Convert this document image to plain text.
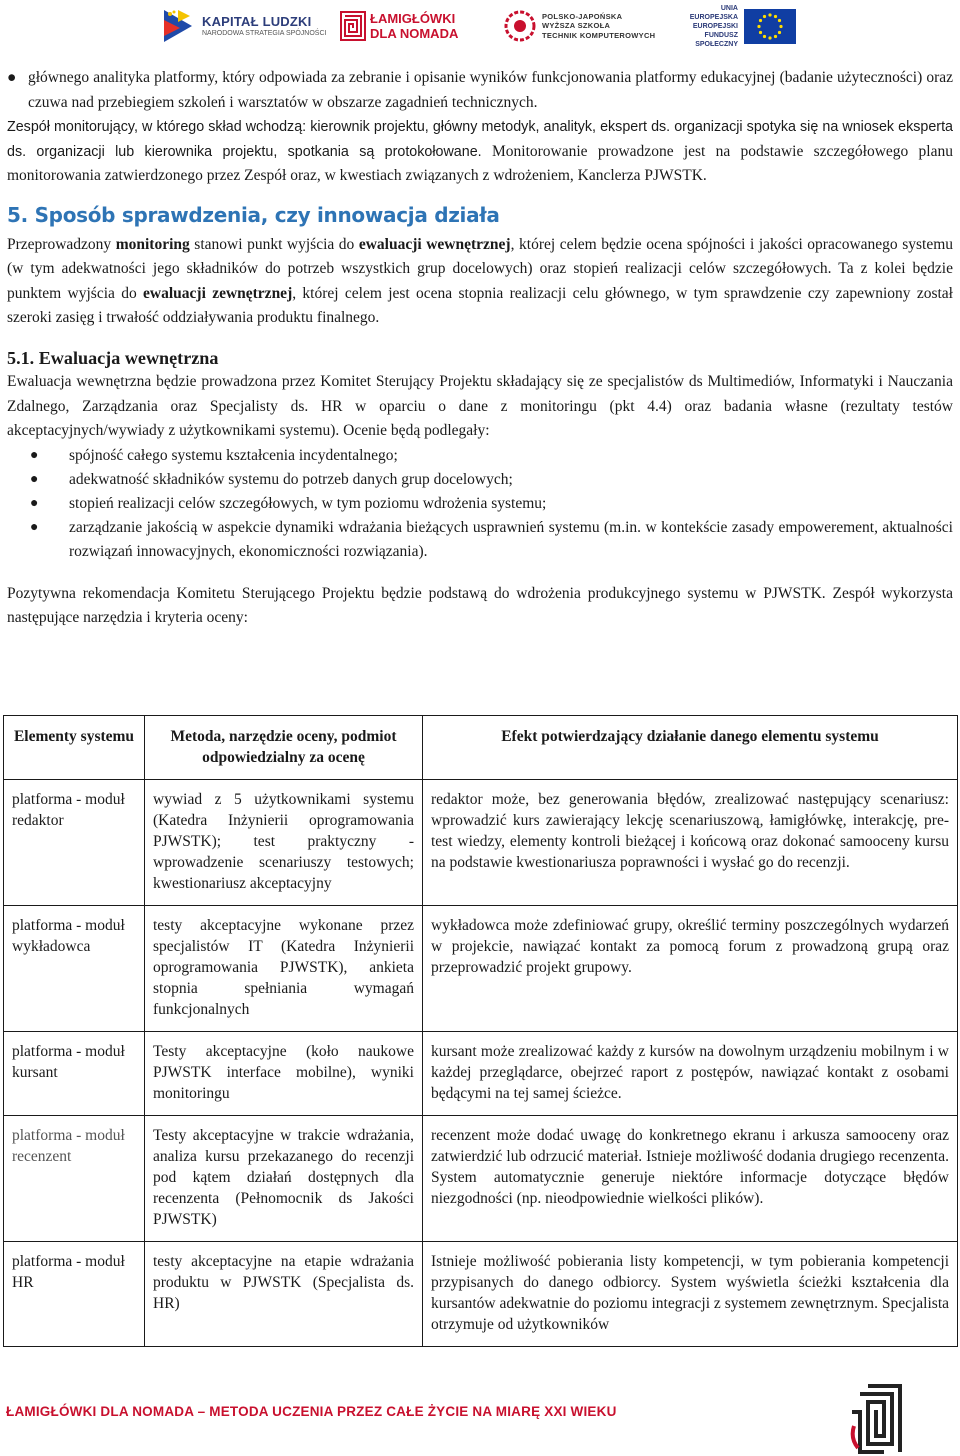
KAPITAŁ LUDZKI
NARODOWA STRATEGIA SPÓJNOŚCI
ŁAMIGŁÓWKI
DLA NOMADA
POLSKO-JAPOŃSKA
WYŻSZA SZKOŁA
TECHNIK KOMPUTEROWYCH
UNIA EUROPEJSKA
EUROPEJSKI
FUNDUSZ SPOŁECZNY
● głównego analityka platformy, który odpowiada za zebranie i opisanie wyników funkcjonowania platformy edukacyjnej (badanie użyteczności) oraz czuwa nad przebiegiem szkoleń i warsztatów w obszarze zagadnień technicznych.

Zespół monitorujący, w którego skład wchodzą: kierownik projektu, główny metodyk, analityk, ekspert ds. organizacji spotyka się na wniosek eksperta ds. organizacji lub kierownika projektu, spotkania są protokołowane. Monitorowanie prowadzone jest na podstawie szczegółowego planu monitorowania zatwierdzonego przez Zespół oraz, w kwestiach związanych z wdrożeniem, Kanclerza PJWSTK.

5. Sposób sprawdzenia, czy innowacja działa

Przeprowadzony monitoring stanowi punkt wyjścia do ewaluacji wewnętrznej, której celem będzie ocena spójności i jakości opracowanego systemu (w tym adekwatności jego składników do potrzeb wszystkich grup docelowych) oraz stopień realizacji celów szczegółowych. Ta z kolei będzie punktem wyjścia do ewaluacji zewnętrznej, której celem jest ocena stopnia realizacji celu głównego, w tym sprawdzenie czy zapewniony został szeroki zasięg i trwałość oddziaływania produktu finalnego.

5.1. Ewaluacja wewnętrzna

Ewaluacja wewnętrzna będzie prowadzona przez Komitet Sterujący Projektu składający się ze specjalistów ds Multimediów, Informatyki i Nauczania Zdalnego, Zarządzania oraz Specjalisty ds. HR w oparciu o dane z monitoringu (pkt 4.4) oraz badania własne (rezultaty testów akceptacyjnych/wywiady z użytkownikami systemu). Ocenie będą podlegały:

● spójność całego systemu kształcenia incydentalnego;
● adekwatność składników systemu do potrzeb danych grup docelowych;
● stopień realizacji celów szczegółowych, w tym poziomu wdrożenia systemu;
● zarządzanie jakością w aspekcie dynamiki wdrażania bieżących usprawnień systemu (m.in. w kontekście zasady empowerement, aktualności rozwiązań innowacyjnych, ekonomiczności rozwiązania).

Pozytywna rekomendacja Komitetu Sterującego Projektu będzie podstawą do wdrożenia produkcyjnego systemu w PJWSTK. Zespół wykorzysta następujące narzędzia i kryteria oceny:

Elementy systemu	Metoda, narzędzie oceny, podmiot odpowiedzialny za ocenę	Efekt potwierdzający działanie danego elementu systemu
platforma - moduł redaktor	wywiad z 5 użytkownikami systemu (Katedra Inżynierii oprogramowania PJWSTK); test praktyczny - wprowadzenie scenariuszy testowych; kwestionariusz akceptacyjny	redaktor może, bez generowania błędów, zrealizować następujący scenariusz: wprowadzić kurs zawierający lekcję scenariuszową, łamigłówkę, interakcję, pre-test wiedzy, elementy kontroli bieżącej i końcową oraz dokonać samooceny kursu na podstawie kwestionariusza poprawności i wysłać go do recenzji.
platforma - moduł wykładowca	testy akceptacyjne wykonane przez specjalistów IT (Katedra Inżynierii oprogramowania PJWSTK), ankieta stopnia spełniania wymagań funkcjonalnych	wykładowca może zdefiniować grupy, określić terminy poszczególnych wydarzeń w projekcie, nawiązać kontakt za pomocą forum z prowadzoną grupą oraz przeprowadzić projekt grupowy.
platforma - moduł kursant	Testy akceptacyjne (koło naukowe PJWSTK interface mobilne), wyniki monitoringu	kursant może zrealizować każdy z kursów na dowolnym urządzeniu mobilnym i w każdej przeglądarce, obejrzeć raport z postępów, nawiązać kontakt z osobami będącymi na tej samej ścieżce.
platforma - moduł recenzent	Testy akceptacyjne w trakcie wdrażania, analiza kursu przekazanego do recenzji pod kątem działań dostępnych dla recenzenta (Pełnomocnik ds Jakości PJWSTK)	recenzent może dodać uwagę do konkretnego ekranu i arkusza samooceny oraz zatwierdzić lub odrzucić materiał. Istnieje możliwość dodania drugiego recenzenta. System automatycznie generuje niektóre informacje dotyczące błędów niezgodności (np. nieodpowiednie wielkości plików).
platforma - moduł HR	testy akceptacyjne na etapie wdrażania produktu w PJWSTK (Specjalista ds. HR)	Istnieje możliwość pobierania listy kompetencji, w tym pobierania kompetencji przypisanych do danego odbiorcy. System wyświetla ścieżki kształcenia dla kursantów adekwatnie do poziomu integracji z systemem zewnętrznym. Specjalista otrzymuje od użytkowników
ŁAMIGŁÓWKI DLA NOMADA – METODA UCZENIA PRZEZ CAŁE ŻYCIE NA MIARĘ XXI WIEKU
